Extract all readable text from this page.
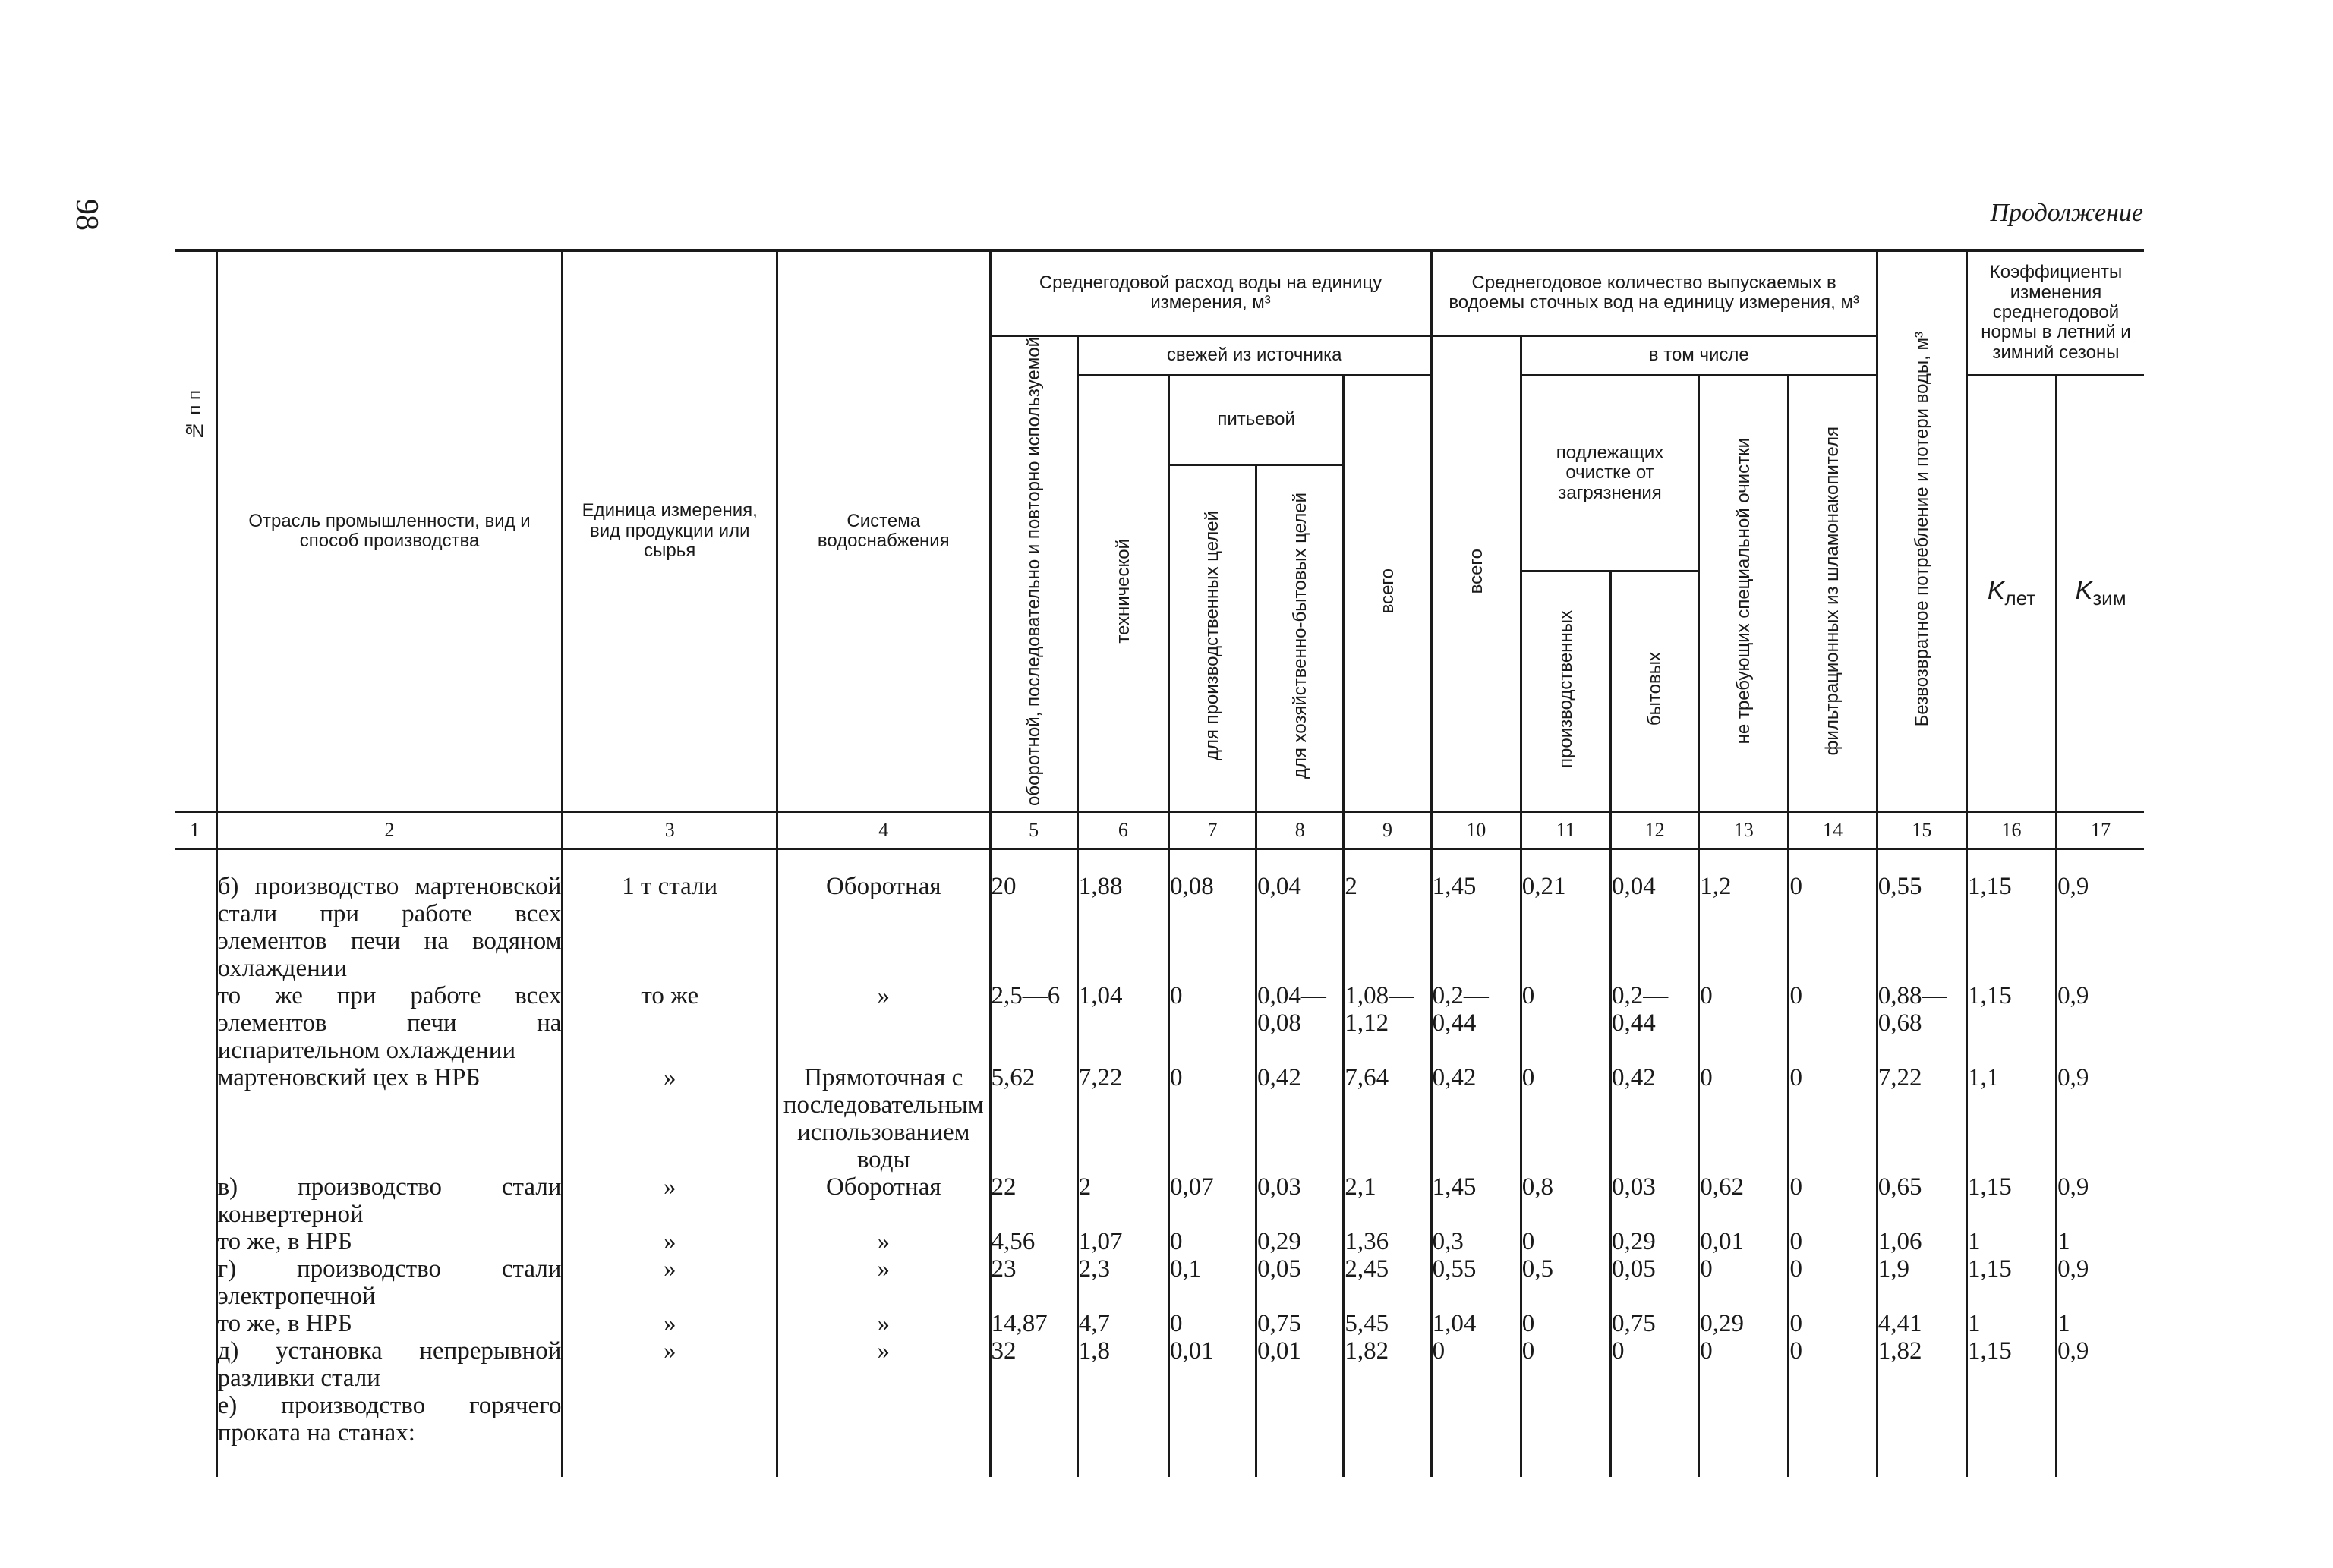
98	Продолжение
№ п п	Отрасль промышленности, вид и способ производства	Единица измерения, вид продукции или сырья	Система водоснабжения	Среднегодовой расход воды на единицу измерения, м³					Среднегодовое количество выпускаемых в водоемы сточных вод на единицу измерения, м³					Безвозвратное потребление и потери воды, м³	Коэффициенты изменения среднегодовой нормы в летний и зимний сезоны	
				оборотной, последовательно и повторно используемой	свежей из источника				всего	в том числе						
					технической	питьевой		всего		подлежащих очистке от загрязнения		не требующих специальной очистки	фильтрационных из шламонакопителя		$K_{лет}$	$K_{зим}$
						для производственных целей	для хозяйственно-бытовых целей									
										производственных	бытовых					
1	2	3	4	5	6	7	8	9	10	11	12	13	14	15	16	17

	б) производство мартеновской стали при работе всех элементов печи на водяном охлаждении	1 т стали	Оборотная	20	1,88	0,08	0,04	2	1,45	0,21	0,04	1,2	0	0,55	1,15	0,9
	то же при работе всех элементов печи на испарительном охлаждении	то же	»	2,5—6	1,04	0	0,04—0,08	1,08—1,12	0,2—0,44	0	0,2—0,44	0	0	0,88—0,68	1,15	0,9
	мартеновский цех в НРБ	»	Прямоточная с последовательным использованием воды	5,62	7,22	0	0,42	7,64	0,42	0	0,42	0	0	7,22	1,1	0,9
	в) производство стали конвертерной	»	Оборотная	22	2	0,07	0,03	2,1	1,45	0,8	0,03	0,62	0	0,65	1,15	0,9
	то же, в НРБ	»	»	4,56	1,07	0	0,29	1,36	0,3	0	0,29	0,01	0	1,06	1	1
	г) производство стали электропечной	»	»	23	2,3	0,1	0,05	2,45	0,55	0,5	0,05	0	0	1,9	1,15	0,9
	то же, в НРБ	»	»	14,87	4,7	0	0,75	5,45	1,04	0	0,75	0,29	0	4,41	1	1
	д) установка непрерывной разливки стали	»	»	32	1,8	0,01	0,01	1,82	0	0	0	0	0	1,82	1,15	0,9
	е) производство горячего проката на станах:															
